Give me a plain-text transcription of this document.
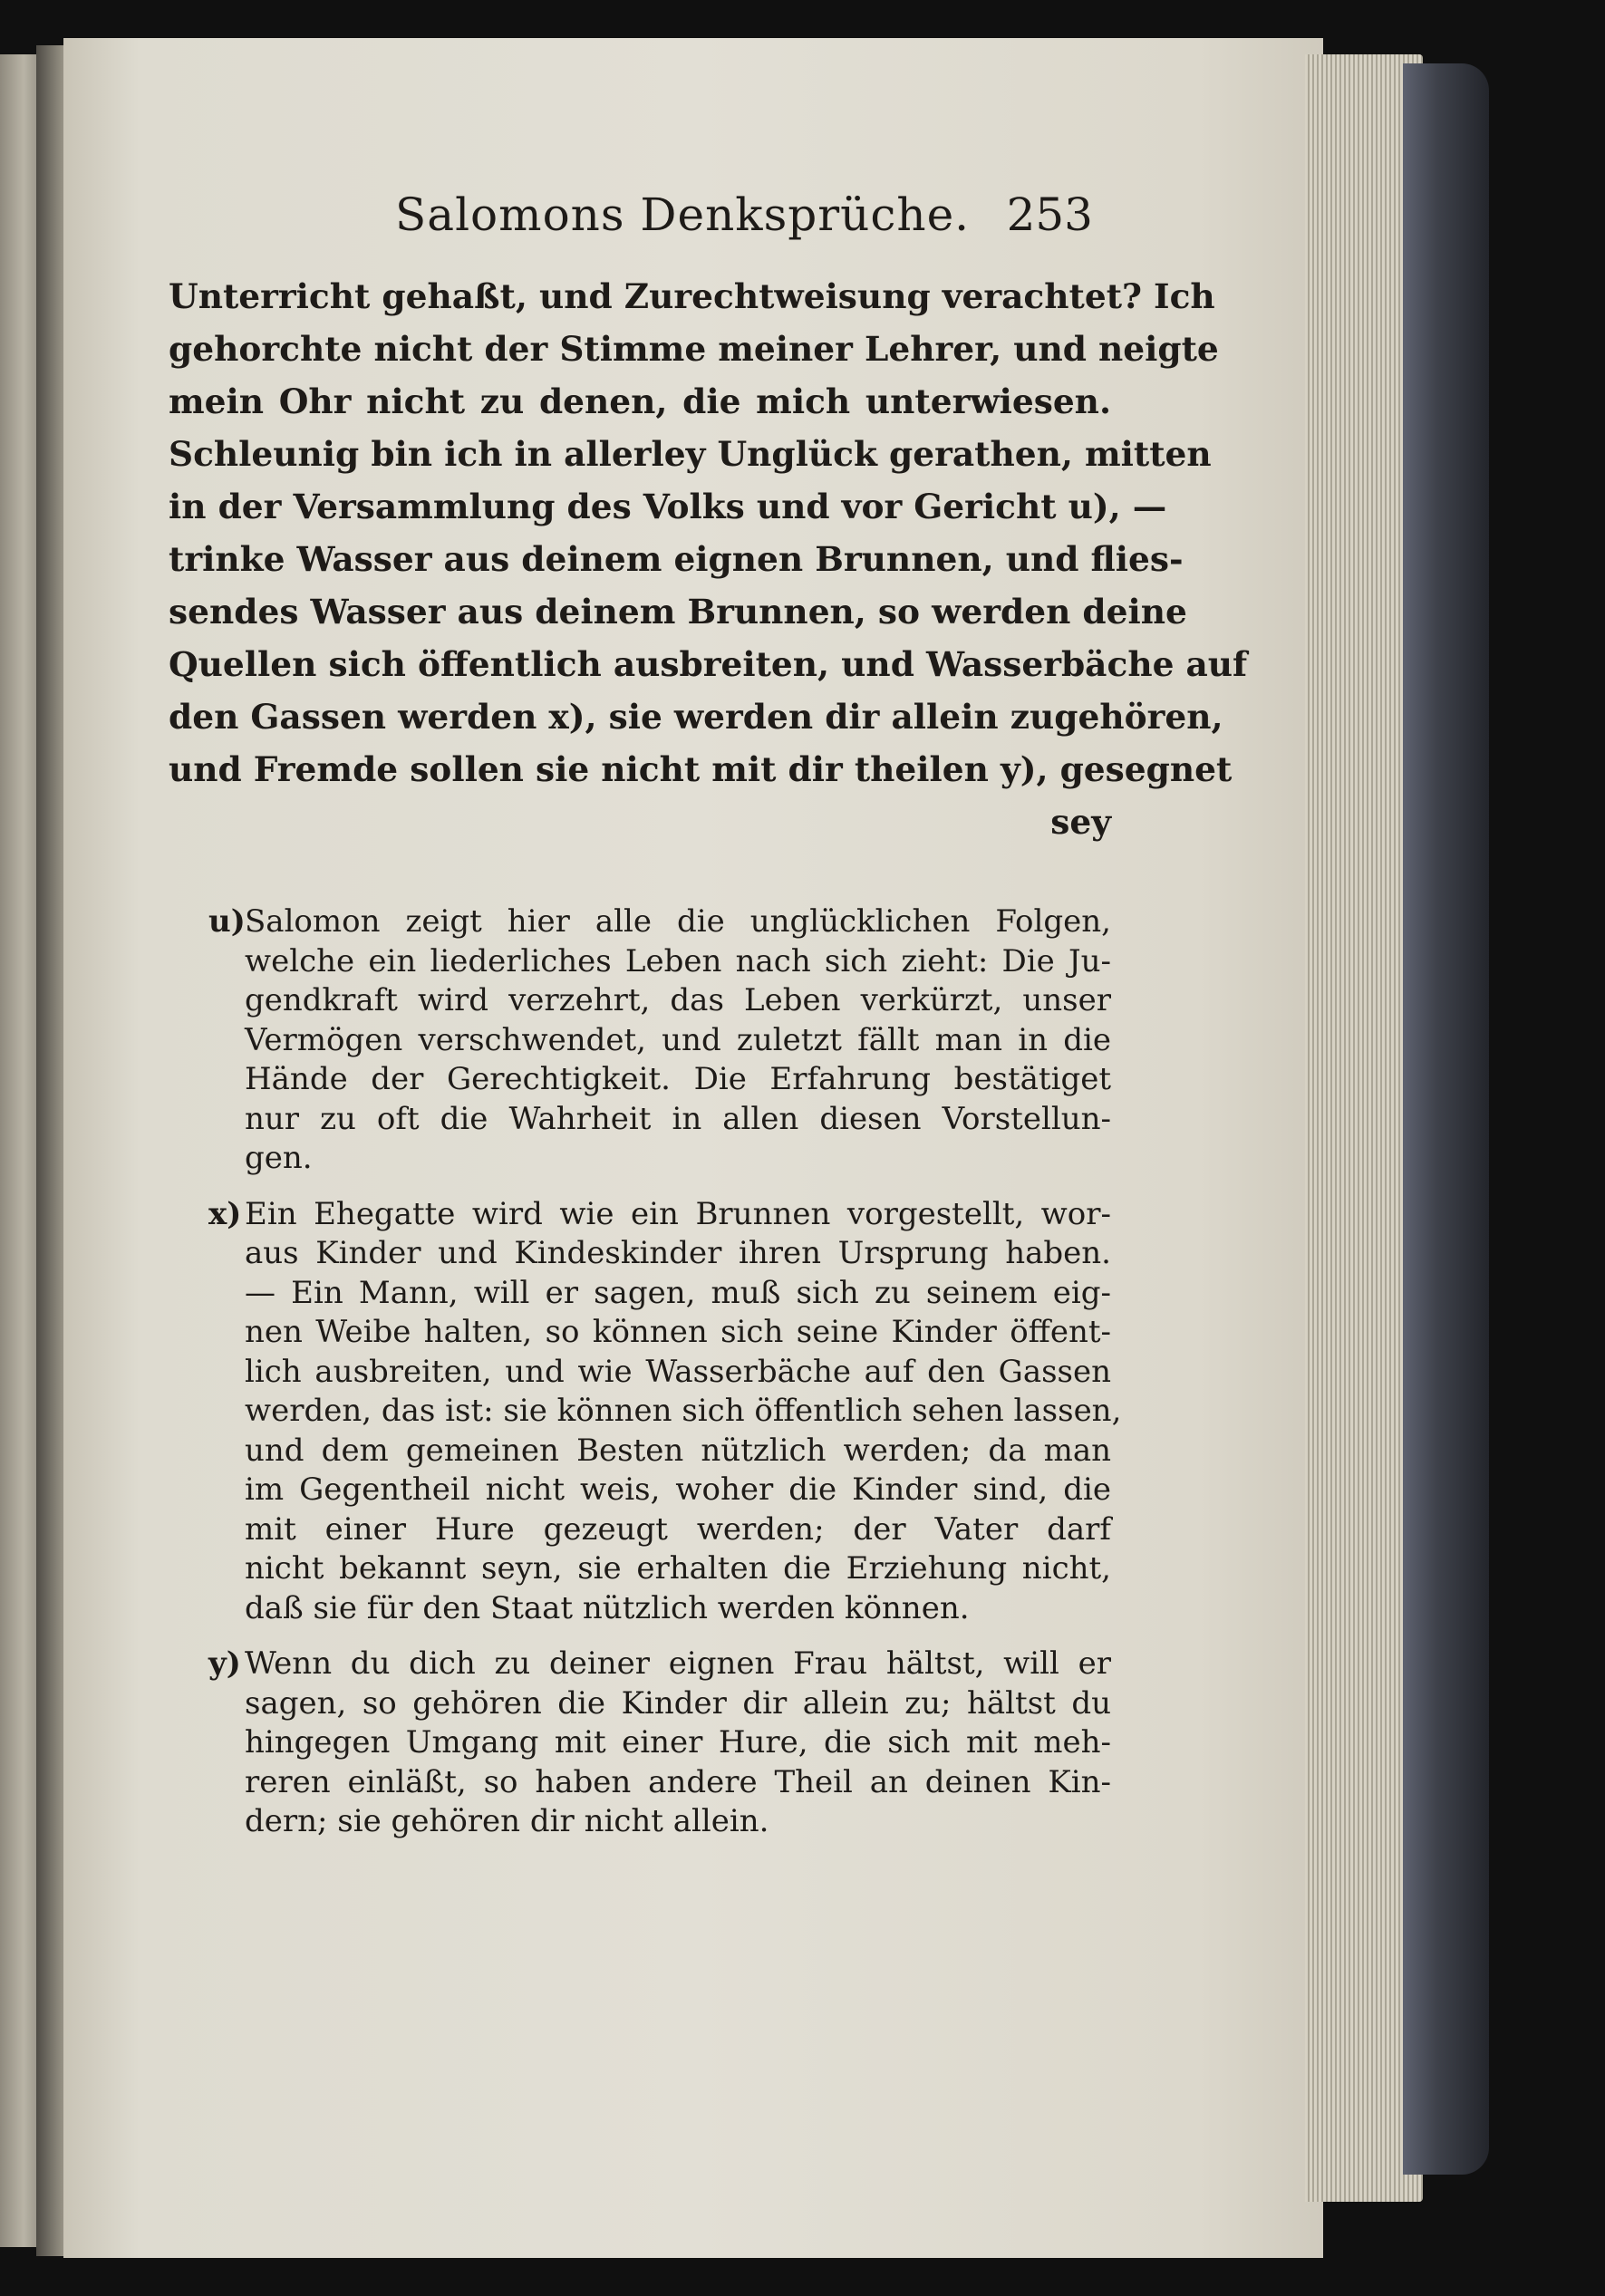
Salomons Denksprüche. 253
Unterricht gehaßt, und Zurechtweisung verachtet? Ich
gehorchte nicht der Stimme meiner Lehrer, und neigte
mein Ohr nicht zu denen, die mich unterwiesen.
Schleunig bin ich in allerley Unglück gerathen, mitten
in der Versammlung des Volks und vor Gericht u), —
trinke Wasser aus deinem eignen Brunnen, und flies-
sendes Wasser aus deinem Brunnen, so werden deine
Quellen sich öffentlich ausbreiten, und Wasserbäche auf
den Gassen werden x), sie werden dir allein zugehören,
und Fremde sollen sie nicht mit dir theilen y), gesegnet
sey
u) Salomon zeigt hier alle die unglücklichen Folgen,
welche ein liederliches Leben nach sich zieht: Die Ju-
gendkraft wird verzehrt, das Leben verkürzt, unser
Vermögen verschwendet, und zuletzt fällt man in die
Hände der Gerechtigkeit. Die Erfahrung bestätiget
nur zu oft die Wahrheit in allen diesen Vorstellun-
gen.
x) Ein Ehegatte wird wie ein Brunnen vorgestellt, wor-
aus Kinder und Kindeskinder ihren Ursprung haben.
— Ein Mann, will er sagen, muß sich zu seinem eig-
nen Weibe halten, so können sich seine Kinder öffent-
lich ausbreiten, und wie Wasserbäche auf den Gassen
werden, das ist: sie können sich öffentlich sehen lassen,
und dem gemeinen Besten nützlich werden; da man
im Gegentheil nicht weis, woher die Kinder sind, die
mit einer Hure gezeugt werden; der Vater darf
nicht bekannt seyn, sie erhalten die Erziehung nicht,
daß sie für den Staat nützlich werden können.
y) Wenn du dich zu deiner eignen Frau hältst, will er
sagen, so gehören die Kinder dir allein zu; hältst du
hingegen Umgang mit einer Hure, die sich mit meh-
reren einläßt, so haben andere Theil an deinen Kin-
dern; sie gehören dir nicht allein.
